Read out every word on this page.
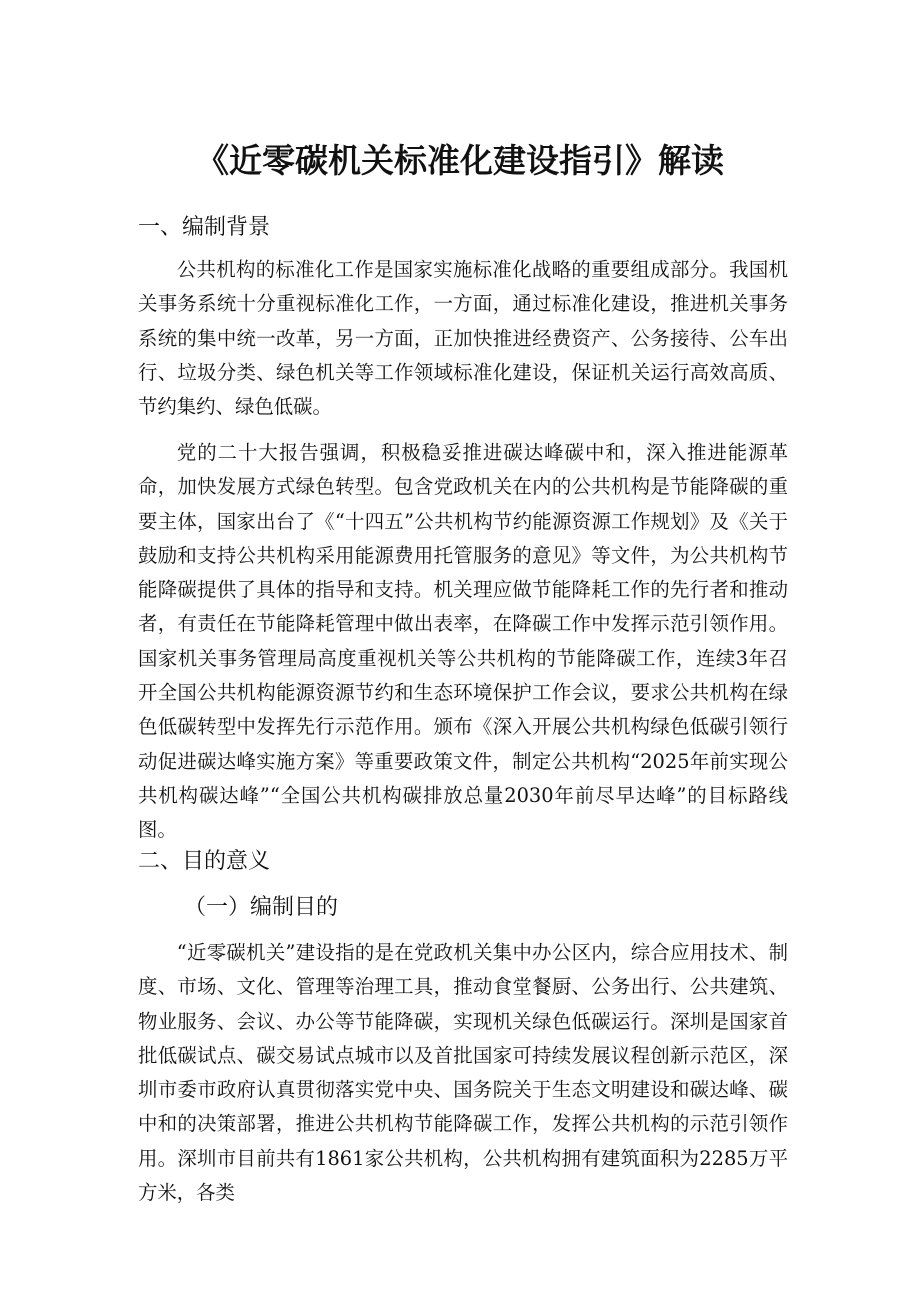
《近零碳机关标准化建设指引》解读
一、编制背景

公共机构的标准化工作是国家实施标准化战略的重要组成部分。我国机关事务系统十分重视标准化工作，一方面，通过标准化建设，推进机关事务系统的集中统一改革，另一方面，正加快推进经费资产、公务接待、公车出行、垃圾分类、绿色机关等工作领域标准化建设，保证机关运行高效高质、节约集约、绿色低碳。

党的二十大报告强调，积极稳妥推进碳达峰碳中和，深入推进能源革命，加快发展方式绿色转型。包含党政机关在内的公共机构是节能降碳的重要主体，国家出台了《“十四五”公共机构节约能源资源工作规划》及《关于鼓励和支持公共机构采用能源费用托管服务的意见》等文件，为公共机构节能降碳提供了具体的指导和支持。机关理应做节能降耗工作的先行者和推动者，有责任在节能降耗管理中做出表率，在降碳工作中发挥示范引领作用。国家机关事务管理局高度重视机关等公共机构的节能降碳工作，连续3年召开全国公共机构能源资源节约和生态环境保护工作会议，要求公共机构在绿色低碳转型中发挥先行示范作用。颁布《深入开展公共机构绿色低碳引领行动促进碳达峰实施方案》等重要政策文件，制定公共机构“2025年前实现公共机构碳达峰”“全国公共机构碳排放总量2030年前尽早达峰”的目标路线图。

二、目的意义
（一）编制目的

“近零碳机关”建设指的是在党政机关集中办公区内，综合应用技术、制度、市场、文化、管理等治理工具，推动食堂餐厨、公务出行、公共建筑、物业服务、会议、办公等节能降碳，实现机关绿色低碳运行。深圳是国家首批低碳试点、碳交易试点城市以及首批国家可持续发展议程创新示范区，深圳市委市政府认真贯彻落实党中央、国务院关于生态文明建设和碳达峰、碳中和的决策部署，推进公共机构节能降碳工作，发挥公共机构的示范引领作用。深圳市目前共有1861家公共机构，公共机构拥有建筑面积为2285万平方米，各类
